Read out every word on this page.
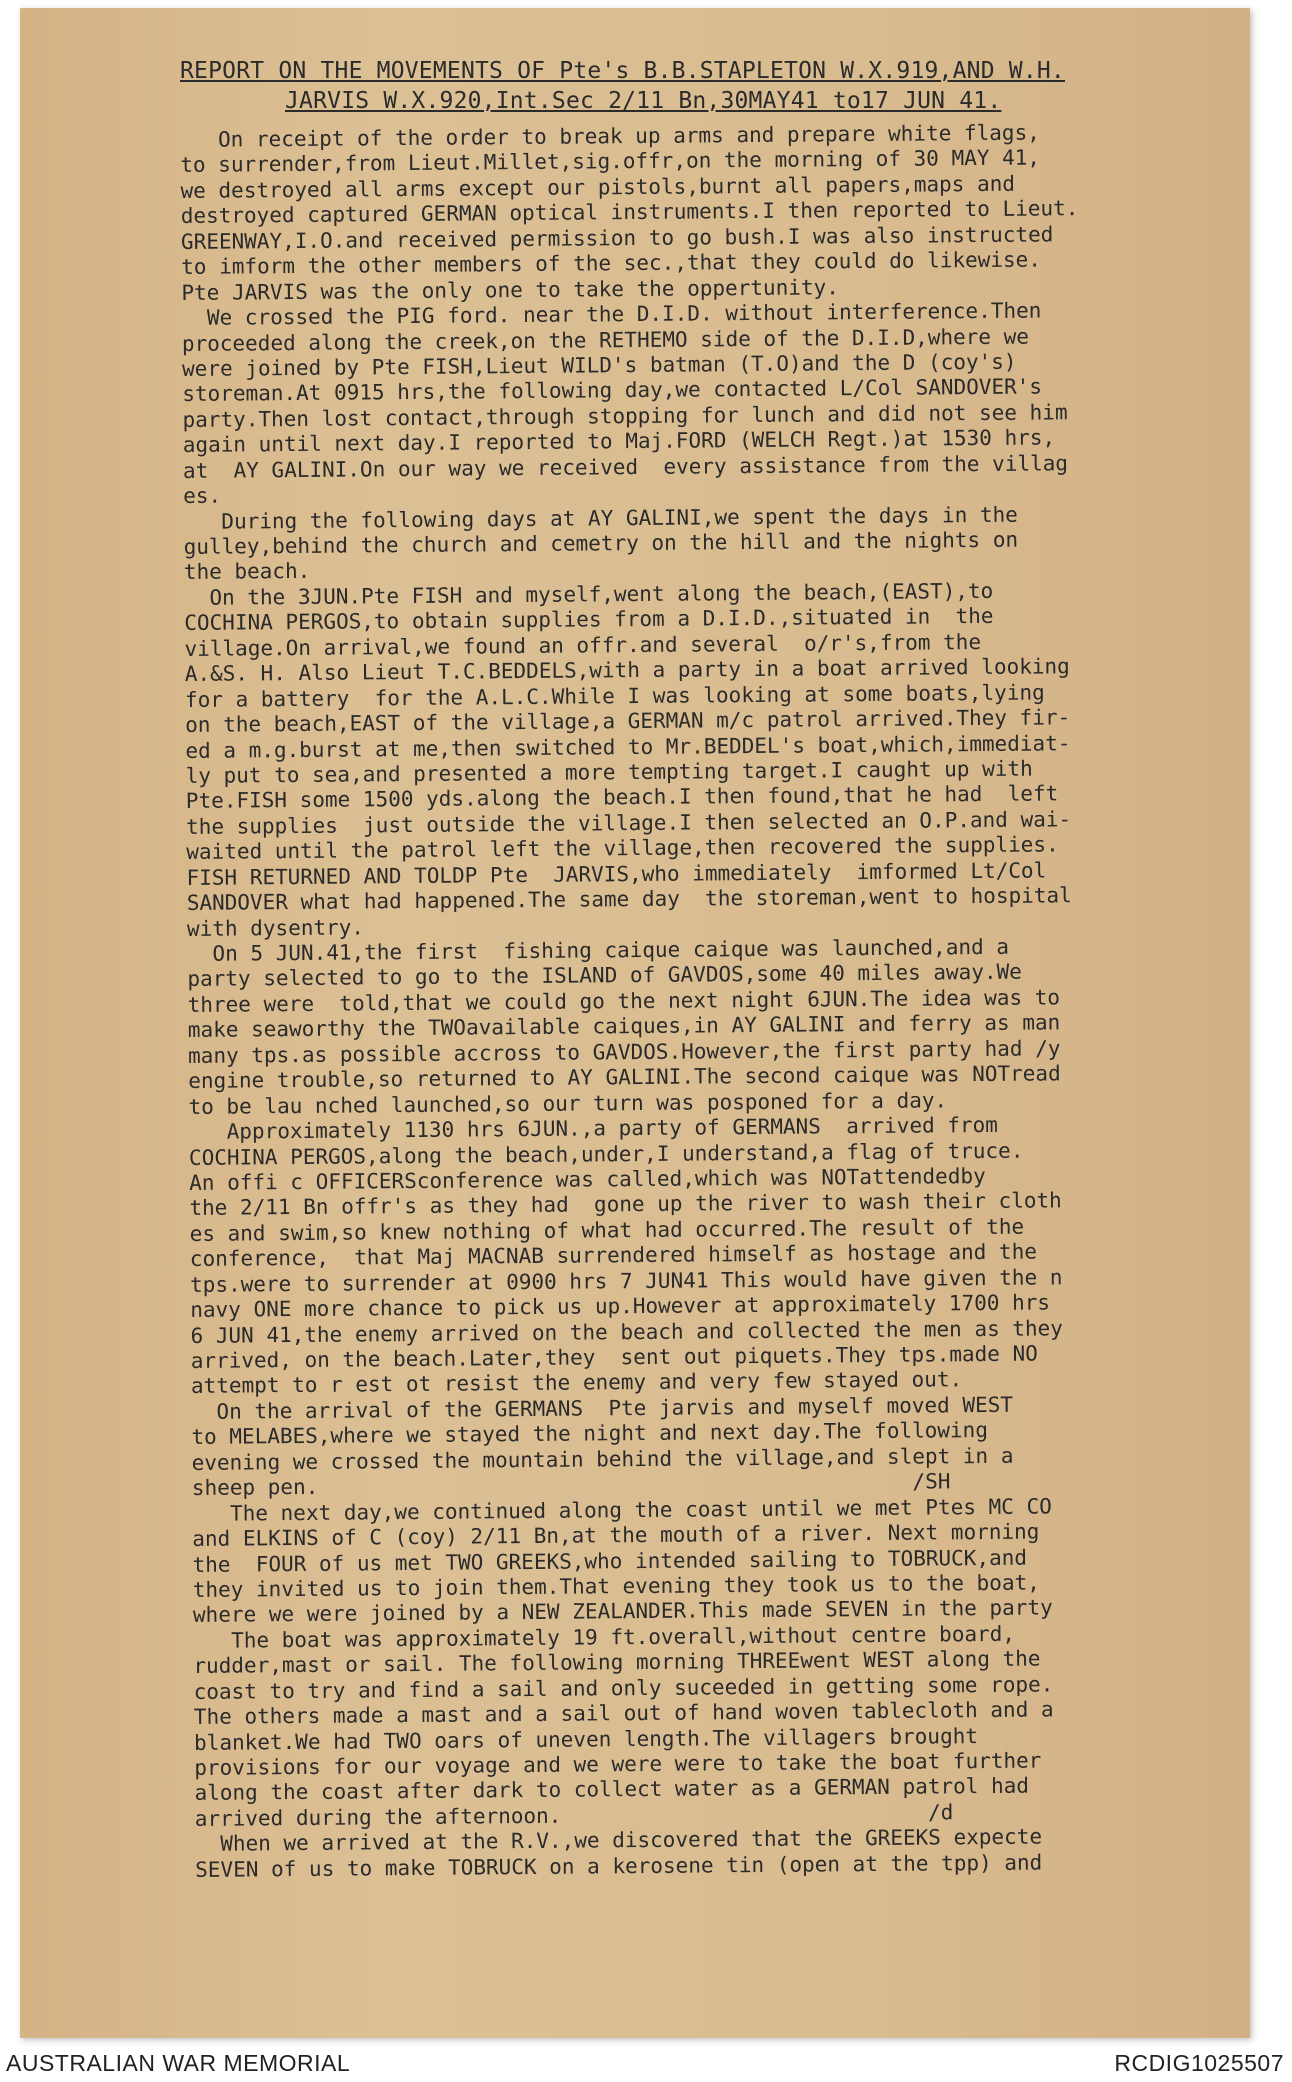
REPORT ON THE MOVEMENTS OF Pte's B.B.STAPLETON W.X.919,AND W.H.
JARVIS W.X.920,Int.Sec 2/11 Bn,30MAY41 to17 JUN 41.
On receipt of the order to break up arms and prepare white flags,
to surrender,from Lieut.Millet,sig.offr,on the morning of 30 MAY 41,
we destroyed all arms except our pistols,burnt all papers,maps and
destroyed captured GERMAN optical instruments.I then reported to Lieut.
GREENWAY,I.O.and received permission to go bush.I was also instructed
to imform the other members of the sec.,that they could do likewise.
Pte JARVIS was the only one to take the oppertunity.
We crossed the PIG ford. near the D.I.D. without interference.Then
proceeded along the creek,on the RETHEMO side of the D.I.D,where we
were joined by Pte FISH,Lieut WILD's batman (T.O)and the D (coy's)
storeman.At 0915 hrs,the following day,we contacted L/Col SANDOVER's
party.Then lost contact,through stopping for lunch and did not see him
again until next day.I reported to Maj.FORD (WELCH Regt.)at 1530 hrs,
at  AY GALINI.On our way we received  every assistance from the villag
es.
During the following days at AY GALINI,we spent the days in the
gulley,behind the church and cemetry on the hill and the nights on
the beach.
On the 3JUN.Pte FISH and myself,went along the beach,(EAST),to
COCHINA PERGOS,to obtain supplies from a D.I.D.,situated in  the
village.On arrival,we found an offr.and several  o/r's,from the
A.&S. H. Also Lieut T.C.BEDDELS,with a party in a boat arrived looking
for a battery  for the A.L.C.While I was looking at some boats,lying
on the beach,EAST of the village,a GERMAN m/c patrol arrived.They fir-
ed a m.g.burst at me,then switched to Mr.BEDDEL's boat,which,immediat-
ly put to sea,and presented a more tempting target.I caught up with
Pte.FISH some 1500 yds.along the beach.I then found,that he had  left
the supplies  just outside the village.I then selected an O.P.and wai-
waited until the patrol left the village,then recovered the supplies.
FISH RETURNED AND TOLDP Pte  JARVIS,who immediately  imformed Lt/Col
SANDOVER what had happened.The same day  the storeman,went to hospital
with dysentry.
On 5 JUN.41,the first  fishing caique caique was launched,and a
party selected to go to the ISLAND of GAVDOS,some 40 miles away.We
three were  told,that we could go the next night 6JUN.The idea was to
make seaworthy the TWOavailable caiques,in AY GALINI and ferry as man
many tps.as possible accross to GAVDOS.However,the first party had /y
engine trouble,so returned to AY GALINI.The second caique was NOTread
to be lau nched launched,so our turn was posponed for a day.
Approximately 1130 hrs 6JUN.,a party of GERMANS  arrived from
COCHINA PERGOS,along the beach,under,I understand,a flag of truce.
An offi c OFFICERSconference was called,which was NOTattendedby
the 2/11 Bn offr's as they had  gone up the river to wash their cloth
es and swim,so knew nothing of what had occurred.The result of the
conference,  that Maj MACNAB surrendered himself as hostage and the
tps.were to surrender at 0900 hrs 7 JUN41 This would have given the n
navy ONE more chance to pick us up.However at approximately 1700 hrs
6 JUN 41,the enemy arrived on the beach and collected the men as they
arrived, on the beach.Later,they  sent out piquets.They tps.made NO
attempt to r est ot resist the enemy and very few stayed out.
On the arrival of the GERMANS  Pte jarvis and myself moved WEST
to MELABES,where we stayed the night and next day.The following
evening we crossed the mountain behind the village,and slept in a
sheep pen.                                               /SH
The next day,we continued along the coast until we met Ptes MC CO
and ELKINS of C (coy) 2/11 Bn,at the mouth of a river. Next morning
the  FOUR of us met TWO GREEKS,who intended sailing to TOBRUCK,and
they invited us to join them.That evening they took us to the boat,
where we were joined by a NEW ZEALANDER.This made SEVEN in the party
The boat was approximately 19 ft.overall,without centre board,
rudder,mast or sail. The following morning THREEwent WEST along the
coast to try and find a sail and only suceeded in getting some rope.
The others made a mast and a sail out of hand woven tablecloth and a
blanket.We had TWO oars of uneven length.The villagers brought
provisions for our voyage and we were were to take the boat further
along the coast after dark to collect water as a GERMAN patrol had
arrived during the afternoon.                             /d
When we arrived at the R.V.,we discovered that the GREEKS expecte
SEVEN of us to make TOBRUCK on a kerosene tin (open at the tpp) and
AUSTRALIAN WAR MEMORIAL	RCDIG1025507
